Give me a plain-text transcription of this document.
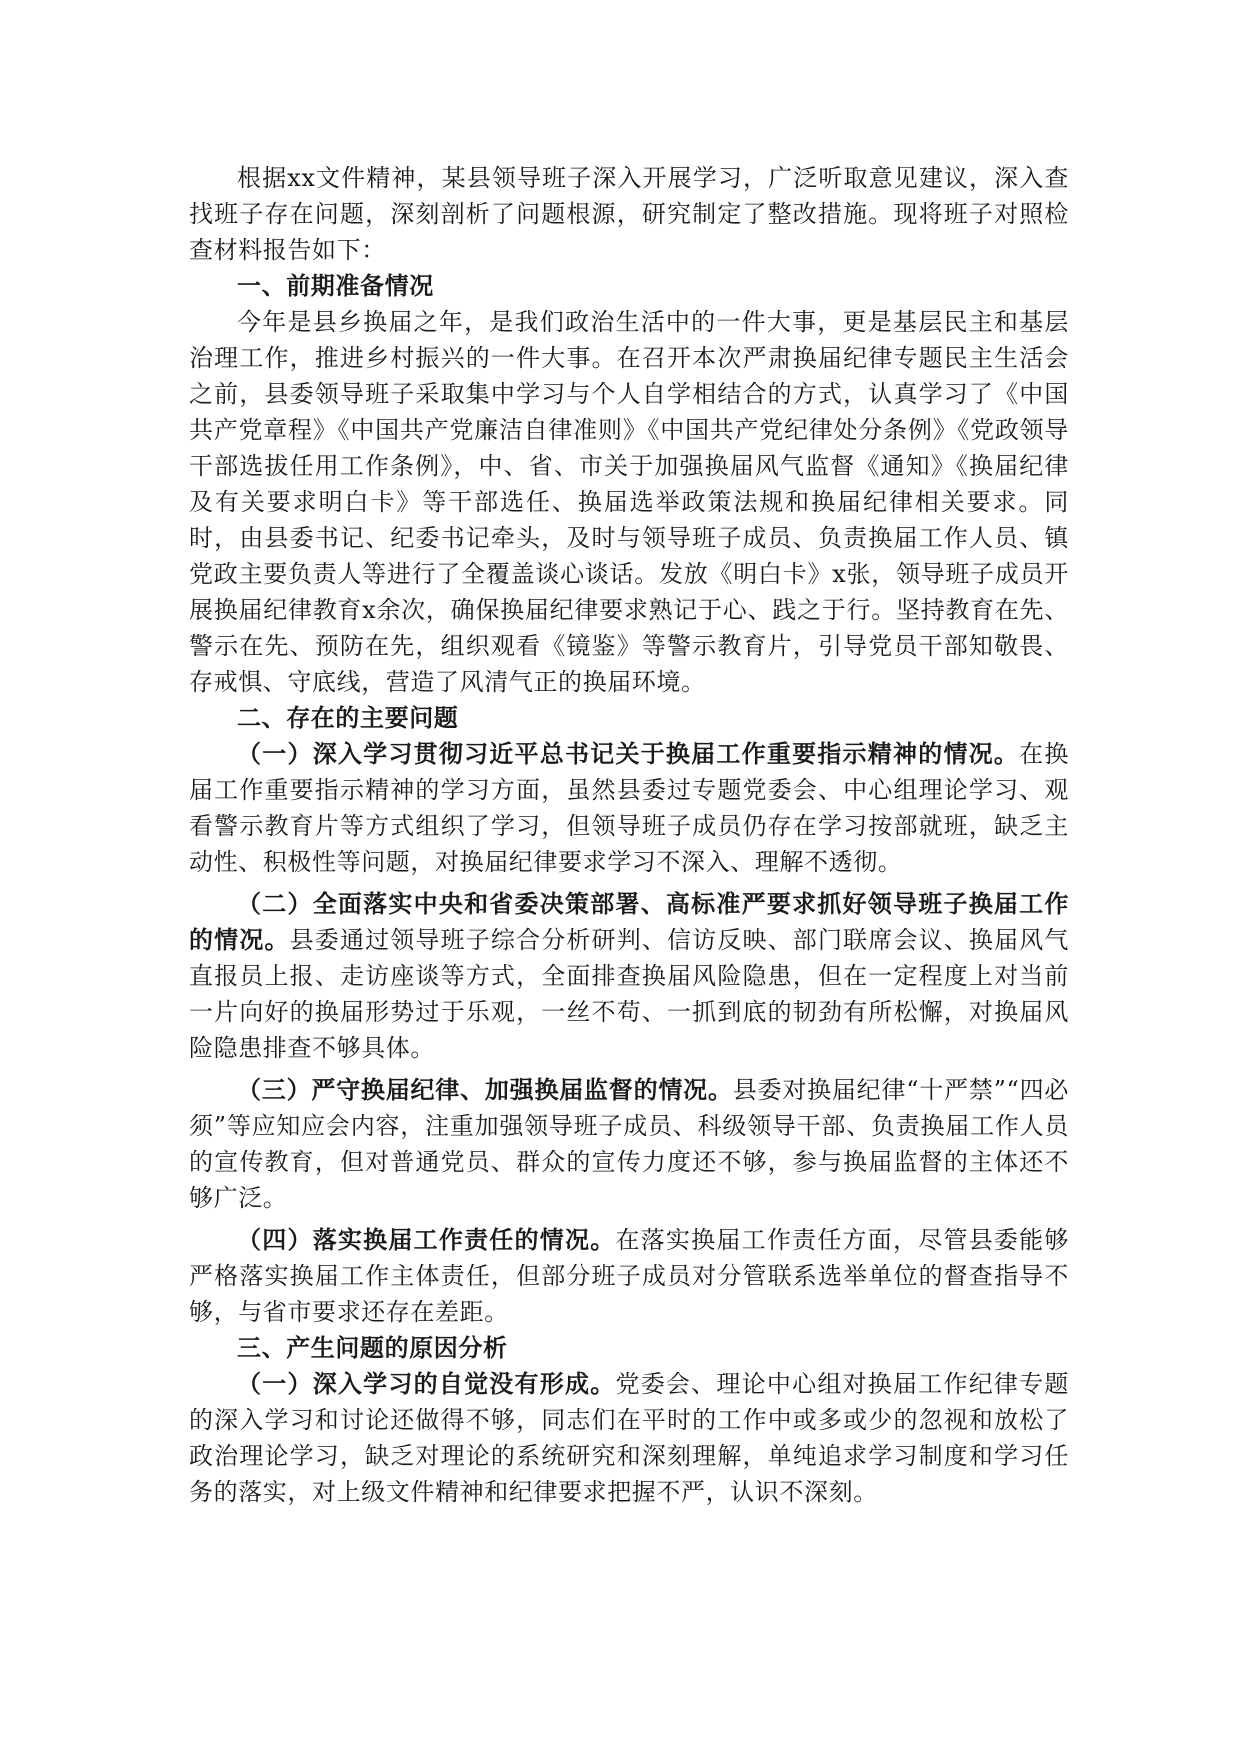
根据xx文件精神，某县领导班子深入开展学习，广泛听取意见建议，深入查找班子存在问题，深刻剖析了问题根源，研究制定了整改措施。现将班子对照检查材料报告如下：

一、前期准备情况

今年是县乡换届之年，是我们政治生活中的一件大事，更是基层民主和基层治理工作，推进乡村振兴的一件大事。在召开本次严肃换届纪律专题民主生活会之前，县委领导班子采取集中学习与个人自学相结合的方式，认真学习了《中国共产党章程》《中国共产党廉洁自律准则》《中国共产党纪律处分条例》《党政领导干部选拔任用工作条例》，中、省、市关于加强换届风气监督《通知》《换届纪律及有关要求明白卡》等干部选任、换届选举政策法规和换届纪律相关要求。同时，由县委书记、纪委书记牵头，及时与领导班子成员、负责换届工作人员、镇党政主要负责人等进行了全覆盖谈心谈话。发放《明白卡》x张，领导班子成员开展换届纪律教育x余次，确保换届纪律要求熟记于心、践之于行。坚持教育在先、警示在先、预防在先，组织观看《镜鉴》等警示教育片，引导党员干部知敬畏、存戒惧、守底线，营造了风清气正的换届环境。

二、存在的主要问题

（一）深入学习贯彻习近平总书记关于换届工作重要指示精神的情况。在换届工作重要指示精神的学习方面，虽然县委过专题党委会、中心组理论学习、观看警示教育片等方式组织了学习，但领导班子成员仍存在学习按部就班，缺乏主动性、积极性等问题，对换届纪律要求学习不深入、理解不透彻。

（二）全面落实中央和省委决策部署、高标准严要求抓好领导班子换届工作的情况。县委通过领导班子综合分析研判、信访反映、部门联席会议、换届风气直报员上报、走访座谈等方式，全面排查换届风险隐患，但在一定程度上对当前一片向好的换届形势过于乐观，一丝不苟、一抓到底的韧劲有所松懈，对换届风险隐患排查不够具体。

（三）严守换届纪律、加强换届监督的情况。县委对换届纪律“十严禁”“四必须”等应知应会内容，注重加强领导班子成员、科级领导干部、负责换届工作人员的宣传教育，但对普通党员、群众的宣传力度还不够，参与换届监督的主体还不够广泛。

（四）落实换届工作责任的情况。在落实换届工作责任方面，尽管县委能够严格落实换届工作主体责任，但部分班子成员对分管联系选举单位的督查指导不够，与省市要求还存在差距。

三、产生问题的原因分析

（一）深入学习的自觉没有形成。党委会、理论中心组对换届工作纪律专题的深入学习和讨论还做得不够，同志们在平时的工作中或多或少的忽视和放松了政治理论学习，缺乏对理论的系统研究和深刻理解，单纯追求学习制度和学习任务的落实，对上级文件精神和纪律要求把握不严，认识不深刻。
